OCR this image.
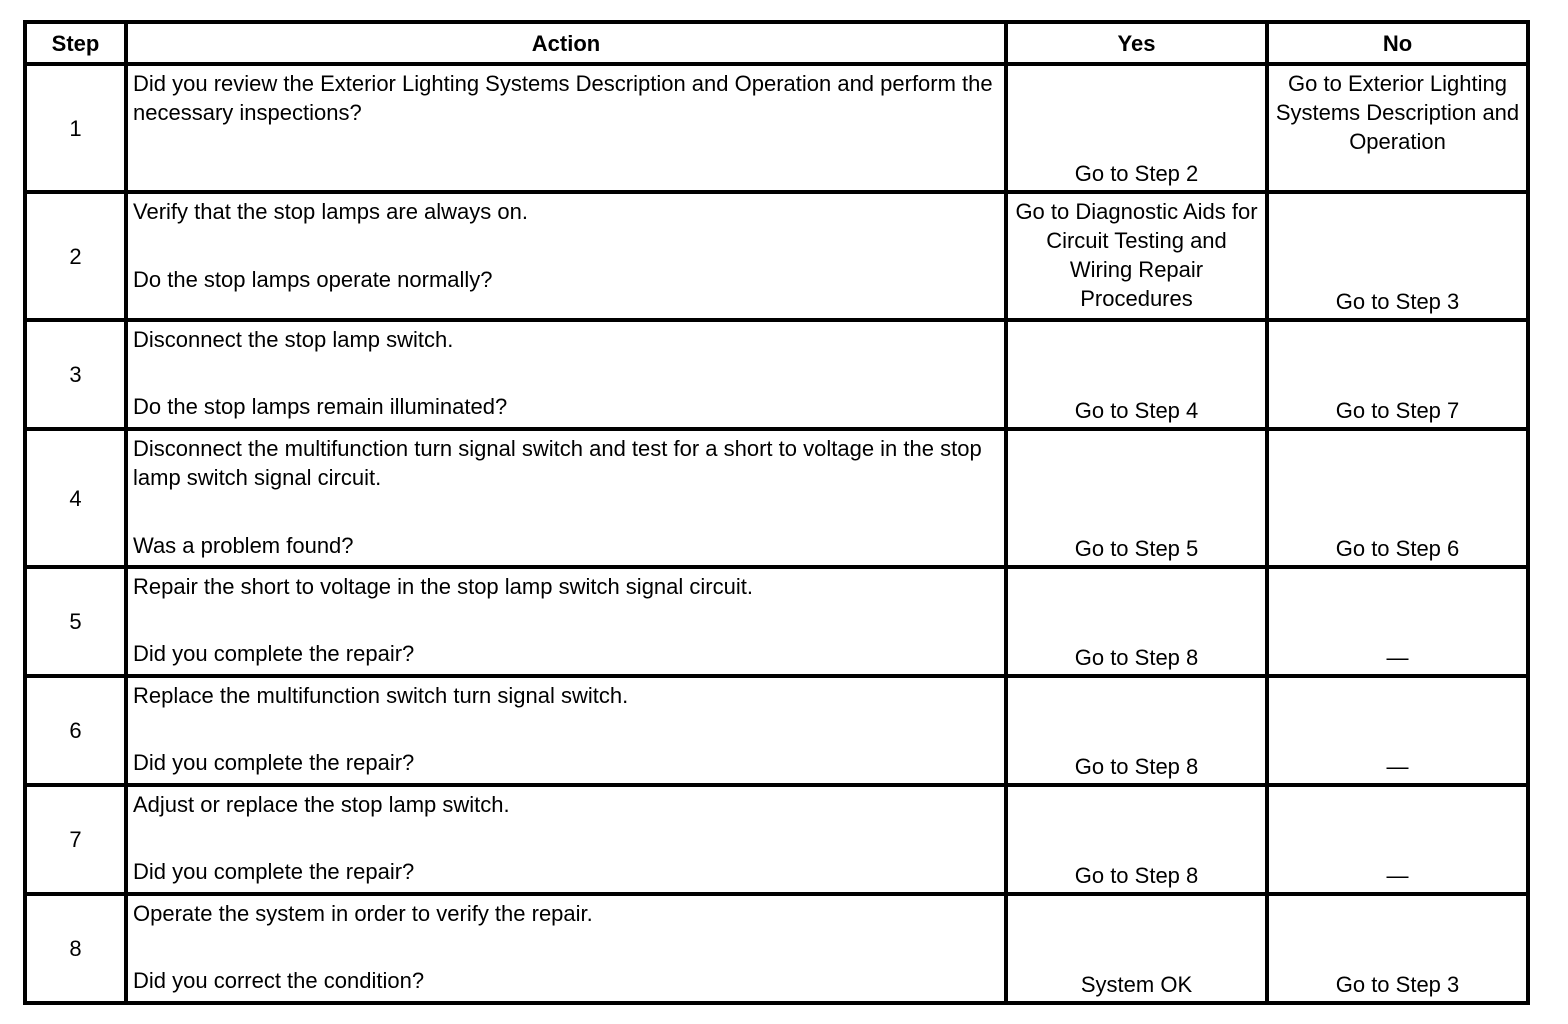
Step	Action	Yes	No
1	Did you review the Exterior Lighting Systems Description and Operation and perform the necessary inspections?	Go to Step 2	Go to Exterior Lighting Systems Description and Operation
2	Verify that the stop lamps are always on.
Do the stop lamps operate normally?	Go to Diagnostic Aids for Circuit Testing and Wiring Repair Procedures	Go to Step 3
3	Disconnect the stop lamp switch.
Do the stop lamps remain illuminated?	Go to Step 4	Go to Step 7
4	Disconnect the multifunction turn signal switch and test for a short to voltage in the stop lamp switch signal circuit.
Was a problem found?	Go to Step 5	Go to Step 6
5	Repair the short to voltage in the stop lamp switch signal circuit.
Did you complete the repair?	Go to Step 8	—
6	Replace the multifunction switch turn signal switch.
Did you complete the repair?	Go to Step 8	—
7	Adjust or replace the stop lamp switch.
Did you complete the repair?	Go to Step 8	—
8	Operate the system in order to verify the repair.
Did you correct the condition?	System OK	Go to Step 3
